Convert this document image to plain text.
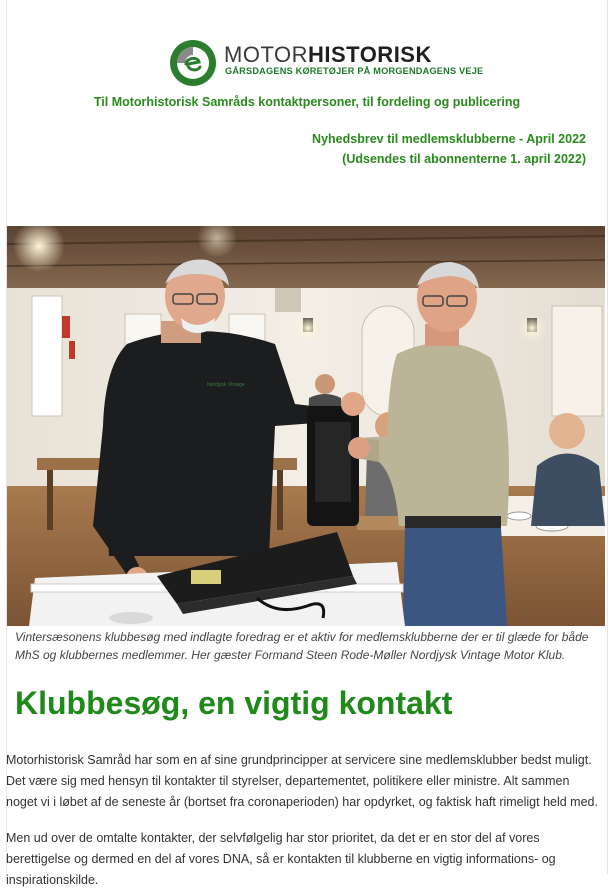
MOTORHISTORISK
GÅRSDAGENS KØRETØJER PÅ MORGENDAGENS VEJE
Til Motorhistorisk Samråds kontaktpersoner, til fordeling og publicering
Nyhedsbrev til medlemsklubberne - April 2022
(Udsendes til abonnenterne 1. april 2022)
Nordjysk Vintage
Vintersæsonens klubbesøg med indlagte foredrag er et aktiv for medlemsklubberne der er til glæde for både MhS og klubbernes medlemmer. Her gæster Formand Steen Rode-Møller Nordjysk Vintage Motor Klub.
Klubbesøg, en vigtig kontakt
Motorhistorisk Samråd har som en af sine grundprincipper at servicere sine medlemsklubber bedst muligt. Det være sig med hensyn til kontakter til styrelser, departementet, politikere eller ministre. Alt sammen noget vi i løbet af de seneste år (bortset fra coronaperioden) har opdyrket, og faktisk haft rimeligt held med.
Men ud over de omtalte kontakter, der selvfølgelig har stor prioritet, da det er en stor del af vores berettigelse og dermed en del af vores DNA, så er kontakten til klubberne en vigtig informations- og inspirationskilde.
